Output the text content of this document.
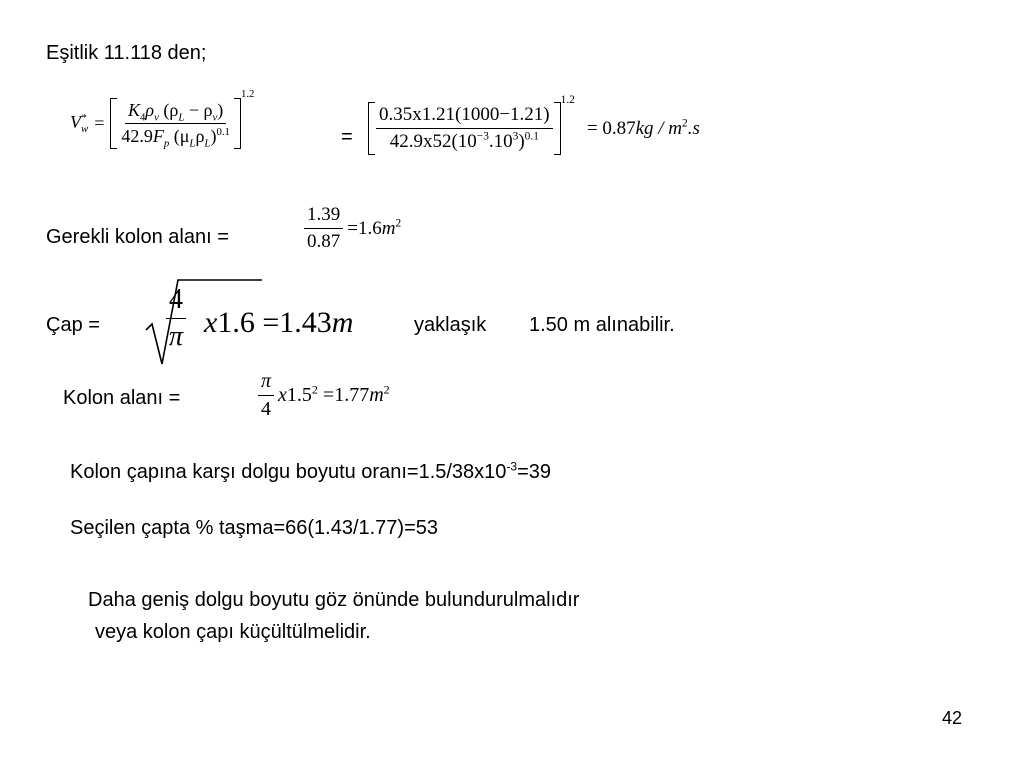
Eşitlik 11.118 den;
V *
$w = \frac{K_4\rho_v (\rho_L - \rho_v)}{42.9F_p (\mu_L\rho_L)^{0.1}}$
1.2
= $\frac{0.35x1.21(1000-1.21)}{42.9x52(10^{-3}.10^3)^{0.1}}$
1.2
= $0.87kg / m^2.s$
Gerekli kolon alanı =	$\frac{1.39}{0.87} =1.6m^2$
Çap = $\frac{4}{\pi} x1.6 =1.43m$	yaklaşık 1.50 m alınabilir.
Kolon alanı =	$\frac{\pi}{4} x1.5^2 =1.77m^2$
Kolon çapına karşı dolgu boyutu $oranı=1.5/38x10^{-3}=39$
Seçilen çapta % taşma=66(1.43/1.77)=53
Daha geniş dolgu boyutu göz önünde bulundurulmalıdır
veya kolon çapı küçültülmelidir.
42
